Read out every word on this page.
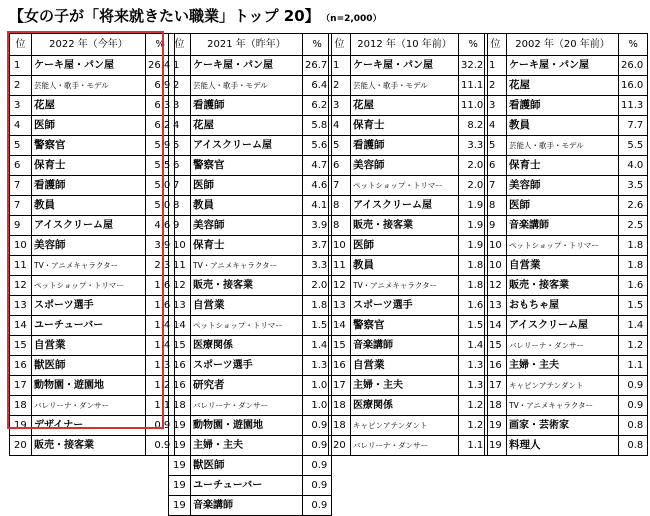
【女の子が「将来就きたい職業」トップ 20】 （n=2,000）
位	2022 年（今年）	%
1	ケーキ屋・パン屋	26.4
2	芸能人・歌手・モデル	6.9
3	花屋	6.3
4	医師	6.2
5	警察官	5.9
6	保育士	5.5
7	看護師	5.0
7	教員	5.0
9	アイスクリーム屋	4.6
10	美容師	3.9
11	TV・アニメキャラクター	2.3
12	ペットショップ・トリマー	1.6
13	スポーツ選手	1.6
14	ユーチューバー	1.4
15	自営業	1.4
16	獣医師	1.3
17	動物園・遊園地	1.2
18	バレリーナ・ダンサー	1.1
19	デザイナー	0.9
20	販売・接客業	0.9
位	2021 年（昨年）	%
1	ケーキ屋・パン屋	26.7
2	芸能人・歌手・モデル	6.4
3	看護師	6.2
4	花屋	5.8
5	アイスクリーム屋	5.6
6	警察官	4.7
7	医師	4.6
8	教員	4.1
9	美容師	3.9
10	保育士	3.7
11	TV・アニメキャラクター	3.3
12	販売・接客業	2.0
13	自営業	1.8
14	ペットショップ・トリマー	1.5
15	医療関係	1.4
16	スポーツ選手	1.3
16	研究者	1.0
18	バレリーナ・ダンサー	1.0
19	動物園・遊園地	0.9
19	主婦・主夫	0.9
19	獣医師	0.9
19	ユーチューバー	0.9
19	音楽講師	0.9
位	2012 年（10 年前）	%
1	ケーキ屋・パン屋	32.2
2	芸能人・歌手・モデル	11.1
3	花屋	11.0
4	保育士	8.2
5	看護師	3.3
6	美容師	2.0
7	ペットショップ・トリマー	2.0
8	アイスクリーム屋	1.9
8	販売・接客業	1.9
10	医師	1.9
11	教員	1.8
12	TV・アニメキャラクター	1.8
13	スポーツ選手	1.6
14	警察官	1.5
15	音楽講師	1.4
16	自営業	1.3
17	主婦・主夫	1.3
18	医療関係	1.2
18	キャビンアテンダント	1.2
20	バレリーナ・ダンサー	1.1
位	2002 年（20 年前）	%
1	ケーキ屋・パン屋	26.0
2	花屋	16.0
3	看護師	11.3
4	教員	7.7
5	芸能人・歌手・モデル	5.5
6	保育士	4.0
7	美容師	3.5
8	医師	2.6
9	音楽講師	2.5
10	ペットショップ・トリマー	1.8
10	自営業	1.8
12	販売・接客業	1.6
13	おもちゃ屋	1.5
14	アイスクリーム屋	1.4
15	バレリーナ・ダンサー	1.2
16	主婦・主夫	1.1
17	キャビンアテンダント	0.9
18	TV・アニメキャラクター	0.9
19	画家・芸術家	0.8
19	料理人	0.8
